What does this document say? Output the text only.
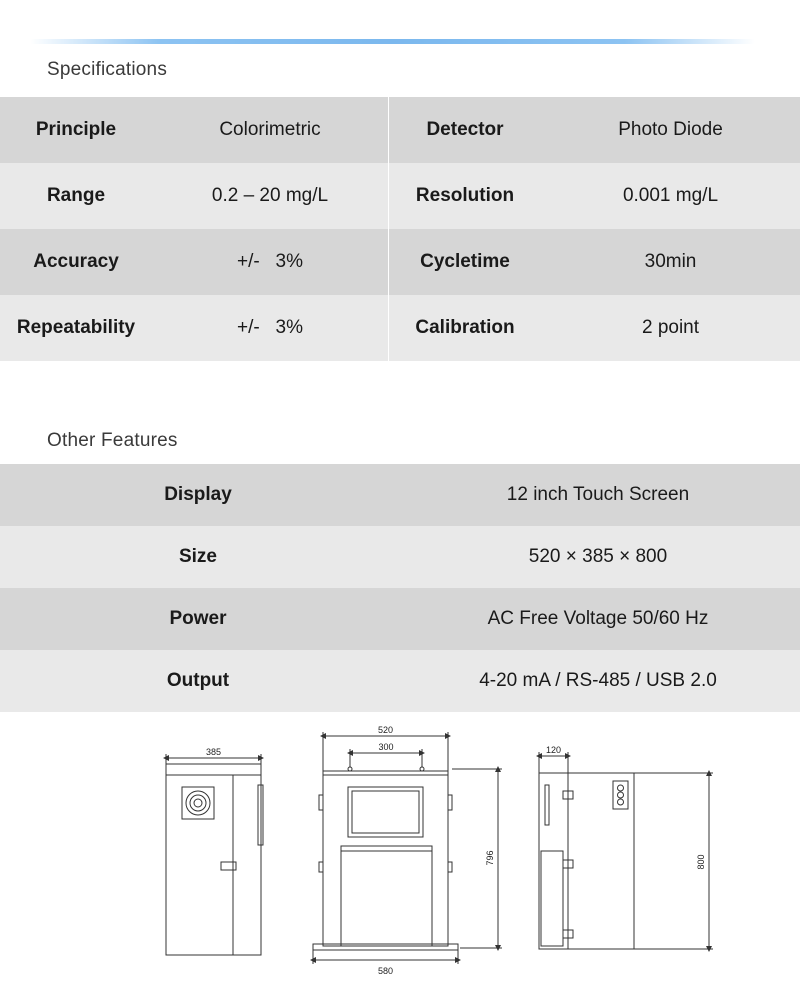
Specifications
Principle	Colorimetric	Detector	Photo Diode
Range	0.2 – 20 mg/L	Resolution	0.001 mg/L
Accuracy	+/-   3%	Cycletime	30min
Repeatability	+/-   3%	Calibration	2 point
Other Features
Display	12 inch Touch Screen
Size	520 × 385 × 800
Power	AC Free Voltage 50/60 Hz
Output	4-20 mA / RS-485 / USB 2.0
385
520
300
796
580
120
800
